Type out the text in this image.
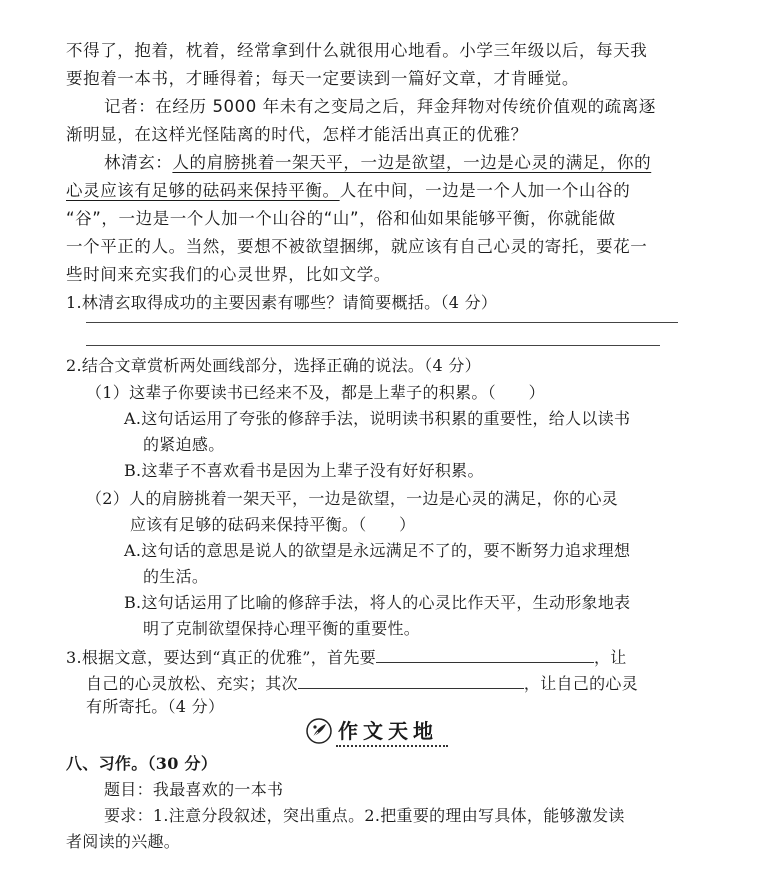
不得了，抱着，枕着，经常拿到什么就很用心地看。小学三年级以后，每天我
要抱着一本书，才睡得着；每天一定要读到一篇好文章，才肯睡觉。
记者：在经历 5000 年未有之变局之后，拜金拜物对传统价值观的疏离逐
渐明显，在这样光怪陆离的时代，怎样才能活出真正的优雅？
林清玄：人的肩膀挑着一架天平，一边是欲望，一边是心灵的满足，你的
心灵应该有足够的砝码来保持平衡。人在中间，一边是一个人加一个山谷的
“谷”，一边是一个人加一个山谷的“山”，俗和仙如果能够平衡，你就能做
一个平正的人。当然，要想不被欲望捆绑，就应该有自己心灵的寄托，要花一
些时间来充实我们的心灵世界，比如文学。
1.林清玄取得成功的主要因素有哪些？请简要概括。（4 分）
2.结合文章赏析两处画线部分，选择正确的说法。（4 分）
（1）这辈子你要读书已经来不及，都是上辈子的积累。（　　）
A.这句话运用了夸张的修辞手法，说明读书积累的重要性，给人以读书
的紧迫感。
B.这辈子不喜欢看书是因为上辈子没有好好积累。
（2）人的肩膀挑着一架天平，一边是欲望，一边是心灵的满足，你的心灵
应该有足够的砝码来保持平衡。（　　）
A.这句话的意思是说人的欲望是永远满足不了的，要不断努力追求理想
的生活。
B.这句话运用了比喻的修辞手法，将人的心灵比作天平，生动形象地表
明了克制欲望保持心理平衡的重要性。
3.根据文意，要达到“真正的优雅”，首先要	，让
自己的心灵放松、充实；其次	，让自己的心灵
有所寄托。（4 分）
作文天地
八、习作。（30 分）
题目：我最喜欢的一本书
要求：1.注意分段叙述，突出重点。2.把重要的理由写具体，能够激发读
者阅读的兴趣。
